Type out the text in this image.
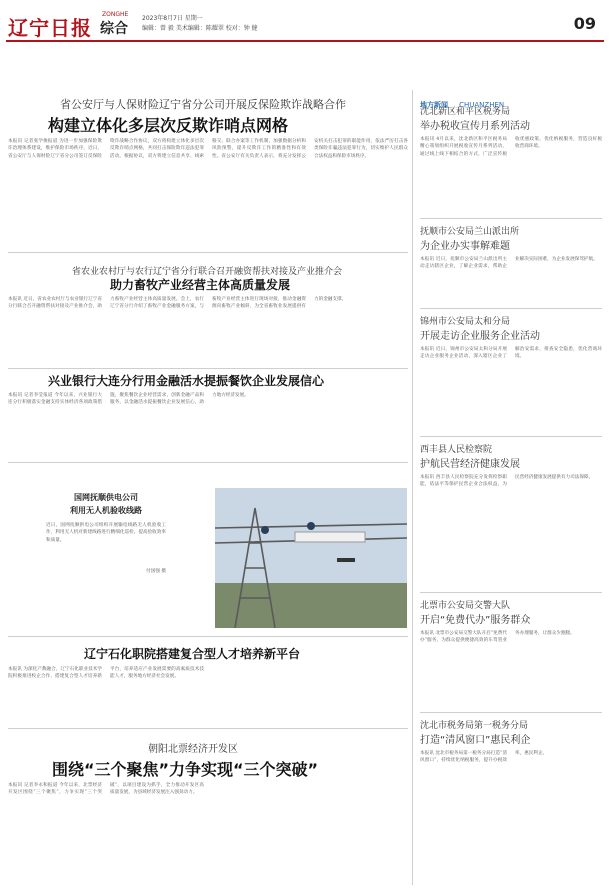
辽宁日报
ZONGHE
综合
2023年8月7日 星期一
编辑：曾 毅 美术编辑：陈耀翠 校对：钟 健	09
省公安厅与人保财险辽宁省分公司开展反保险欺诈战略合作
构建立体化多层次反欺诈哨点网格
本报讯 记者张学俊报道 为进一步加强保险欺诈治理体系建设，维护保险市场秩序，近日，省公安厅与人保财险辽宁省分公司签订反保险欺诈战略合作协议，双方将构建立体化多层次反欺诈哨点网格，共同打击保险欺诈违法犯罪活动。根据协议，双方将建立信息共享、线索移交、联合办案等工作机制，加强数据分析和风险预警，提升反欺诈工作的精准性和有效性。省公安厅有关负责人表示，将充分发挥公安机关打击犯罪的职能作用，依法严厉打击各类保险诈骗违法犯罪行为，切实维护人民群众合法权益和保险市场秩序。
省农业农村厅与农行辽宁省分行联合召开融资帮扶对接及产业推介会
助力畜牧产业经营主体高质量发展
本报讯 近日，省农业农村厅与农业银行辽宁省分行联合召开融资帮扶对接及产业推介会，助力畜牧产业经营主体高质量发展。会上，农行辽宁省分行介绍了畜牧产业金融服务方案，与畜牧产业经营主体进行现场对接，推动金融资源向畜牧产业倾斜，为全省畜牧业发展提供有力的金融支撑。
兴业银行大连分行用金融活水提振餐饮企业发展信心
本报讯 记者李莹报道 今年以来，兴业银行大连分行积极落实金融支持实体经济各项政策措施，聚焦餐饮企业经营需求，创新金融产品和服务，以金融活水提振餐饮企业发展信心，助力地方经济发展。
国网抚顺供电公司
利用无人机验收线路
近日，国网抚顺供电公司组织开展输电线路无人机验收工作，利用无人机对新建线路进行精细化巡检，提高验收效率和质量。
付国强 摄
辽宁石化职院搭建复合型人才培养新平台
本报讯 为深化产教融合，辽宁石化职业技术学院积极推进校企合作，搭建复合型人才培养新平台，培养适应产业发展需要的高素质技术技能人才，服务地方经济社会发展。
朝阳北票经济开发区
围绕“三个聚焦”力争实现“三个突破”
本报讯 记者李永和报道 今年以来，北票经济开发区围绕“三个聚焦”，力争实现“三个突破”，以项目建设为抓手，全力推动开发区高质量发展，为县域经济发展注入强劲动力。
地方新闻 CHUANZHEN
沈北新区和平区税务局
举办税收宣传月系列活动
本报讯 4月以来，沈北新区和平区税务局精心策划组织开展税收宣传月系列活动，通过线上线下相结合的方式，广泛宣传税收优惠政策，优化纳税服务，营造良好税收营商环境。
抚顺市公安局兰山派出所
为企业办实事解难题
本报讯 近日，抚顺市公安局兰山派出所主动走访辖区企业，了解企业需求，帮助企业解决实际困难，为企业发展保驾护航。
锦州市公安局太和分局
开展走访企业服务企业活动
本报讯 近日，锦州市公安局太和分局开展走访企业服务企业活动，深入辖区企业了解治安需求，排查安全隐患，优化营商环境。
西丰县人民检察院
护航民营经济健康发展
本报讯 西丰县人民检察院充分发挥检察职能，依法平等保护民营企业合法权益，为民营经济健康发展提供有力司法保障。
北票市公安局交警大队
开启“免费代办”服务群众
本报讯 北票市公安局交警大队开启“免费代办”服务，为群众提供便捷高效的车驾管业务办理服务，让群众少跑腿。
沈北市税务局第一税务分局
打造“清风窗口”惠民利企
本报讯 沈北市税务局第一税务分局打造“清风窗口”，持续优化纳税服务，提升办税效率，惠民利企。
